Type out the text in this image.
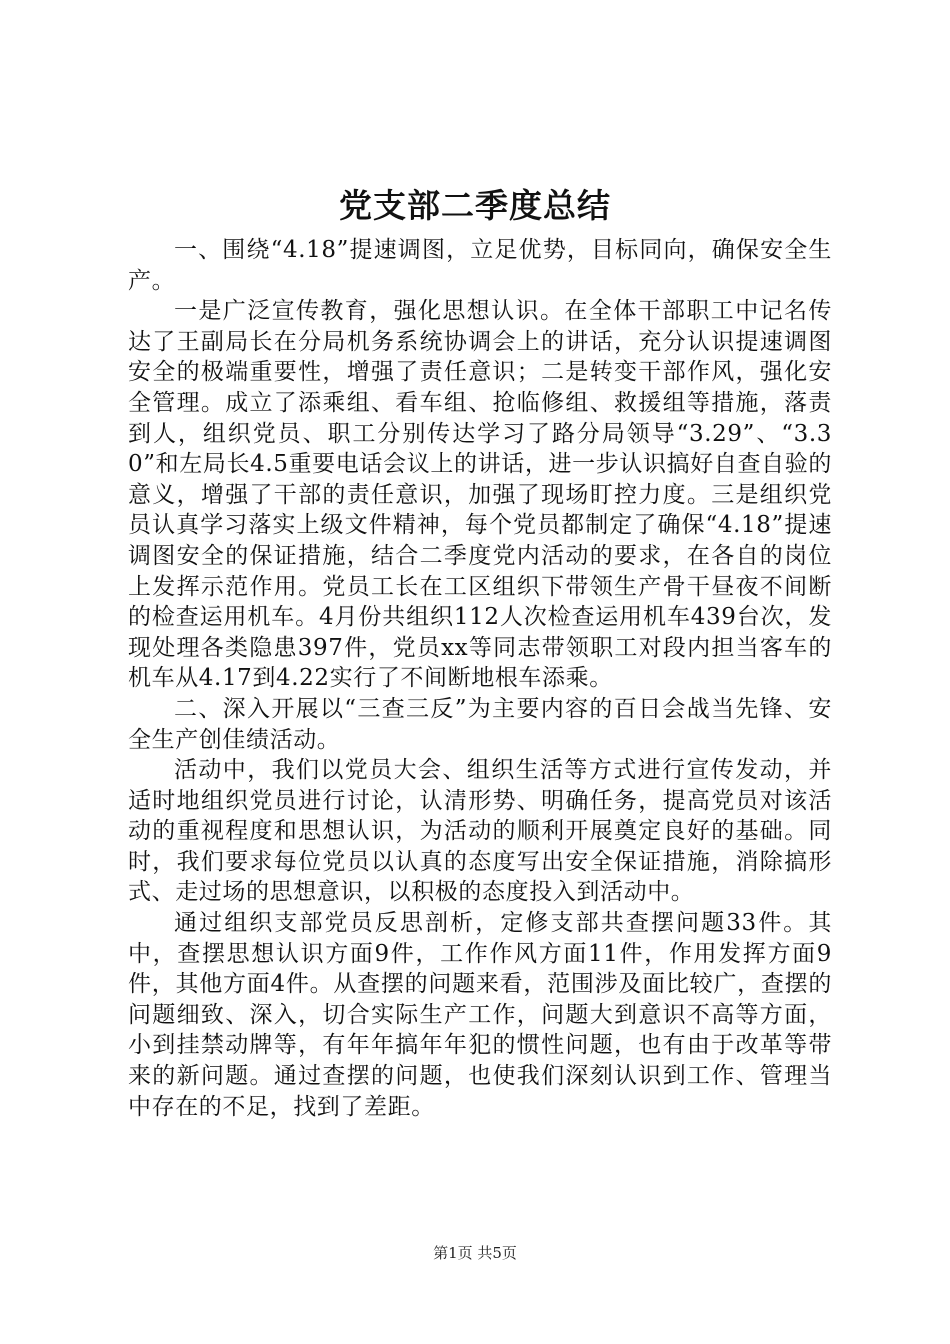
党支部二季度总结

一、围绕“4.18”提速调图，立足优势，目标同向，确保安全生产。

一是广泛宣传教育，强化思想认识。在全体干部职工中记名传达了王副局长在分局机务系统协调会上的讲话，充分认识提速调图安全的极端重要性，增强了责任意识；二是转变干部作风，强化安全管理。成立了添乘组、看车组、抢临修组、救援组等措施，落责到人，组织党员、职工分别传达学习了路分局领导“3.29”、“3.30”和左局长4.5重要电话会议上的讲话，进一步认识搞好自查自验的意义，增强了干部的责任意识，加强了现场盯控力度。三是组织党员认真学习落实上级文件精神，每个党员都制定了确保“4.18”提速调图安全的保证措施，结合二季度党内活动的要求，在各自的岗位上发挥示范作用。党员工长在工区组织下带领生产骨干昼夜不间断的检查运用机车。4月份共组织112人次检查运用机车439台次，发现处理各类隐患397件，党员xx等同志带领职工对段内担当客车的机车从4.17到4.22实行了不间断地根车添乘。

二、深入开展以“三查三反”为主要内容的百日会战当先锋、安全生产创佳绩活动。

活动中，我们以党员大会、组织生活等方式进行宣传发动，并适时地组织党员进行讨论，认清形势、明确任务，提高党员对该活动的重视程度和思想认识，为活动的顺利开展奠定良好的基础。同时，我们要求每位党员以认真的态度写出安全保证措施，消除搞形式、走过场的思想意识，以积极的态度投入到活动中。

通过组织支部党员反思剖析，定修支部共查摆问题33件。其中，查摆思想认识方面9件，工作作风方面11件，作用发挥方面9件，其他方面4件。从查摆的问题来看，范围涉及面比较广，查摆的问题细致、深入，切合实际生产工作，问题大到意识不高等方面，小到挂禁动牌等，有年年搞年年犯的惯性问题，也有由于改革等带来的新问题。通过查摆的问题，也使我们深刻认识到工作、管理当中存在的不足，找到了差距。

第1页 共5页
